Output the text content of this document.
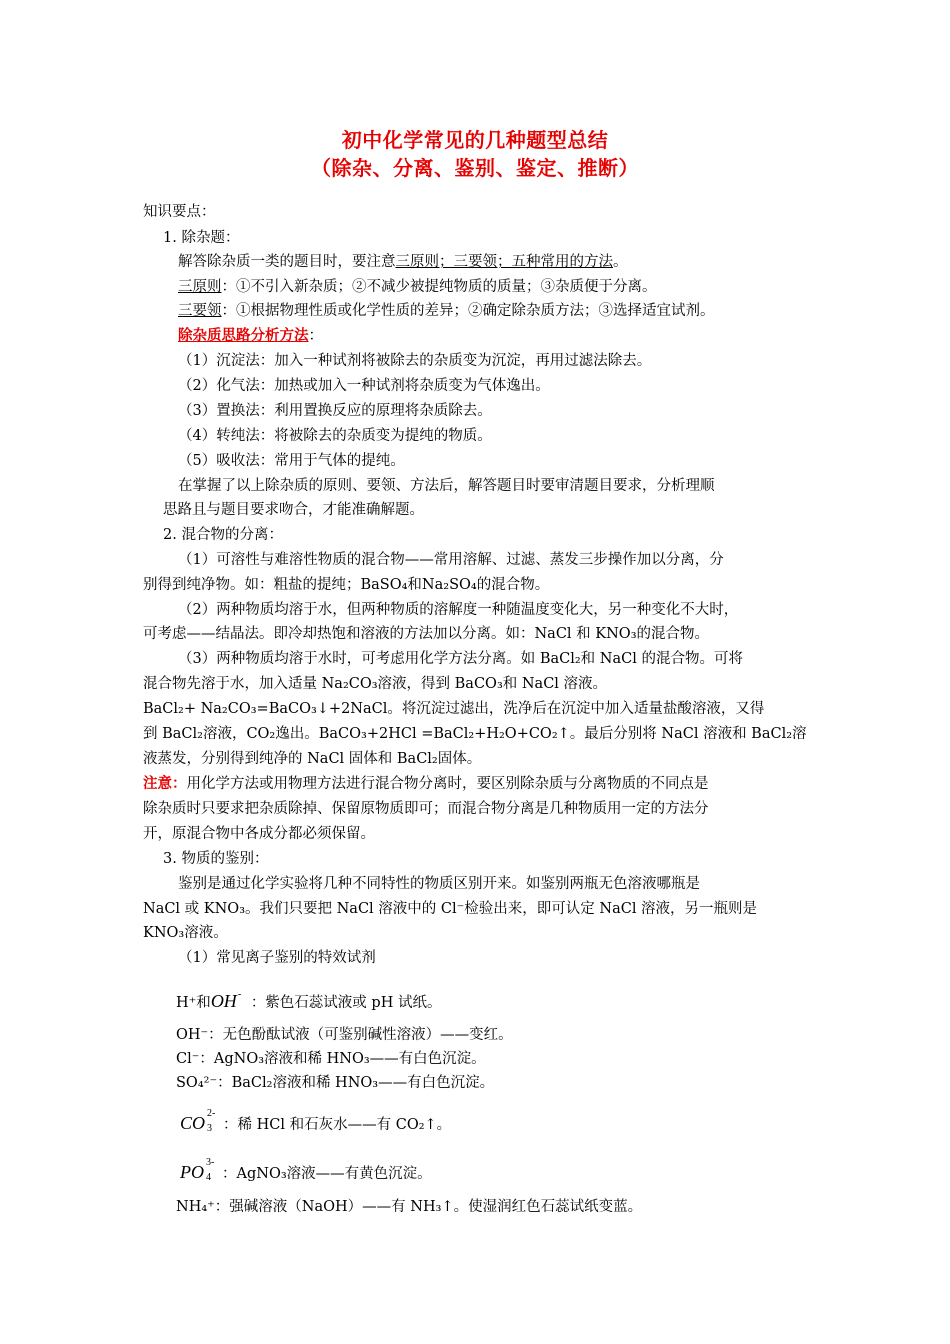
初中化学常见的几种题型总结
（除杂、分离、鉴别、鉴定、推断）
知识要点：
1. 除杂题：
解答除杂质一类的题目时，要注意三原则；三要领；五种常用的方法。
三原则：①不引入新杂质；②不减少被提纯物质的质量；③杂质便于分离。
三要领：①根据物理性质或化学性质的差异；②确定除杂质方法；③选择适宜试剂。
除杂质思路分析方法：
（1）沉淀法：加入一种试剂将被除去的杂质变为沉淀，再用过滤法除去。
（2）化气法：加热或加入一种试剂将杂质变为气体逸出。
（3）置换法：利用置换反应的原理将杂质除去。
（4）转纯法：将被除去的杂质变为提纯的物质。
（5）吸收法：常用于气体的提纯。
在掌握了以上除杂质的原则、要领、方法后，解答题目时要审清题目要求，分析理顺
思路且与题目要求吻合，才能准确解题。
2. 混合物的分离：
（1）可溶性与难溶性物质的混合物——常用溶解、过滤、蒸发三步操作加以分离，分
别得到纯净物。如：粗盐的提纯；BaSO₄和Na₂SO₄的混合物。
（2）两种物质均溶于水，但两种物质的溶解度一种随温度变化大，另一种变化不大时，
可考虑——结晶法。即冷却热饱和溶液的方法加以分离。如：NaCl 和 KNO₃的混合物。
（3）两种物质均溶于水时，可考虑用化学方法分离。如 BaCl₂和 NaCl 的混合物。可将
混合物先溶于水，加入适量 Na₂CO₃溶液，得到 BaCO₃和 NaCl 溶液。
BaCl₂+ Na₂CO₃=BaCO₃↓+2NaCl。将沉淀过滤出，洗净后在沉淀中加入适量盐酸溶液，又得
到 BaCl₂溶液，CO₂逸出。BaCO₃+2HCl =BaCl₂+H₂O+CO₂↑。最后分别将 NaCl 溶液和 BaCl₂溶
液蒸发，分别得到纯净的 NaCl 固体和 BaCl₂固体。
注意：用化学方法或用物理方法进行混合物分离时，要区别除杂质与分离物质的不同点是
除杂质时只要求把杂质除掉、保留原物质即可；而混合物分离是几种物质用一定的方法分
开，原混合物中各成分都必须保留。
3. 物质的鉴别：
鉴别是通过化学实验将几种不同特性的物质区别开来。如鉴别两瓶无色溶液哪瓶是
NaCl 或 KNO₃。我们只要把 NaCl 溶液中的 Cl⁻检验出来，即可认定 NaCl 溶液，另一瓶则是
KNO₃溶液。
（1）常见离子鉴别的特效试剂
H⁺和OH -
：紫色石蕊试液或 pH 试纸。
OH⁻：无色酚酞试液（可鉴别碱性溶液）——变红。
Cl⁻：AgNO₃溶液和稀 HNO₃——有白色沉淀。
SO₄²⁻：BaCl₂溶液和稀 HNO₃——有白色沉淀。
CO 3
2-
：稀 HCl 和石灰水——有 CO₂↑。
PO 4
3-
：AgNO₃溶液——有黄色沉淀。
NH₄⁺：强碱溶液（NaOH）——有 NH₃↑。使湿润红色石蕊试纸变蓝。
